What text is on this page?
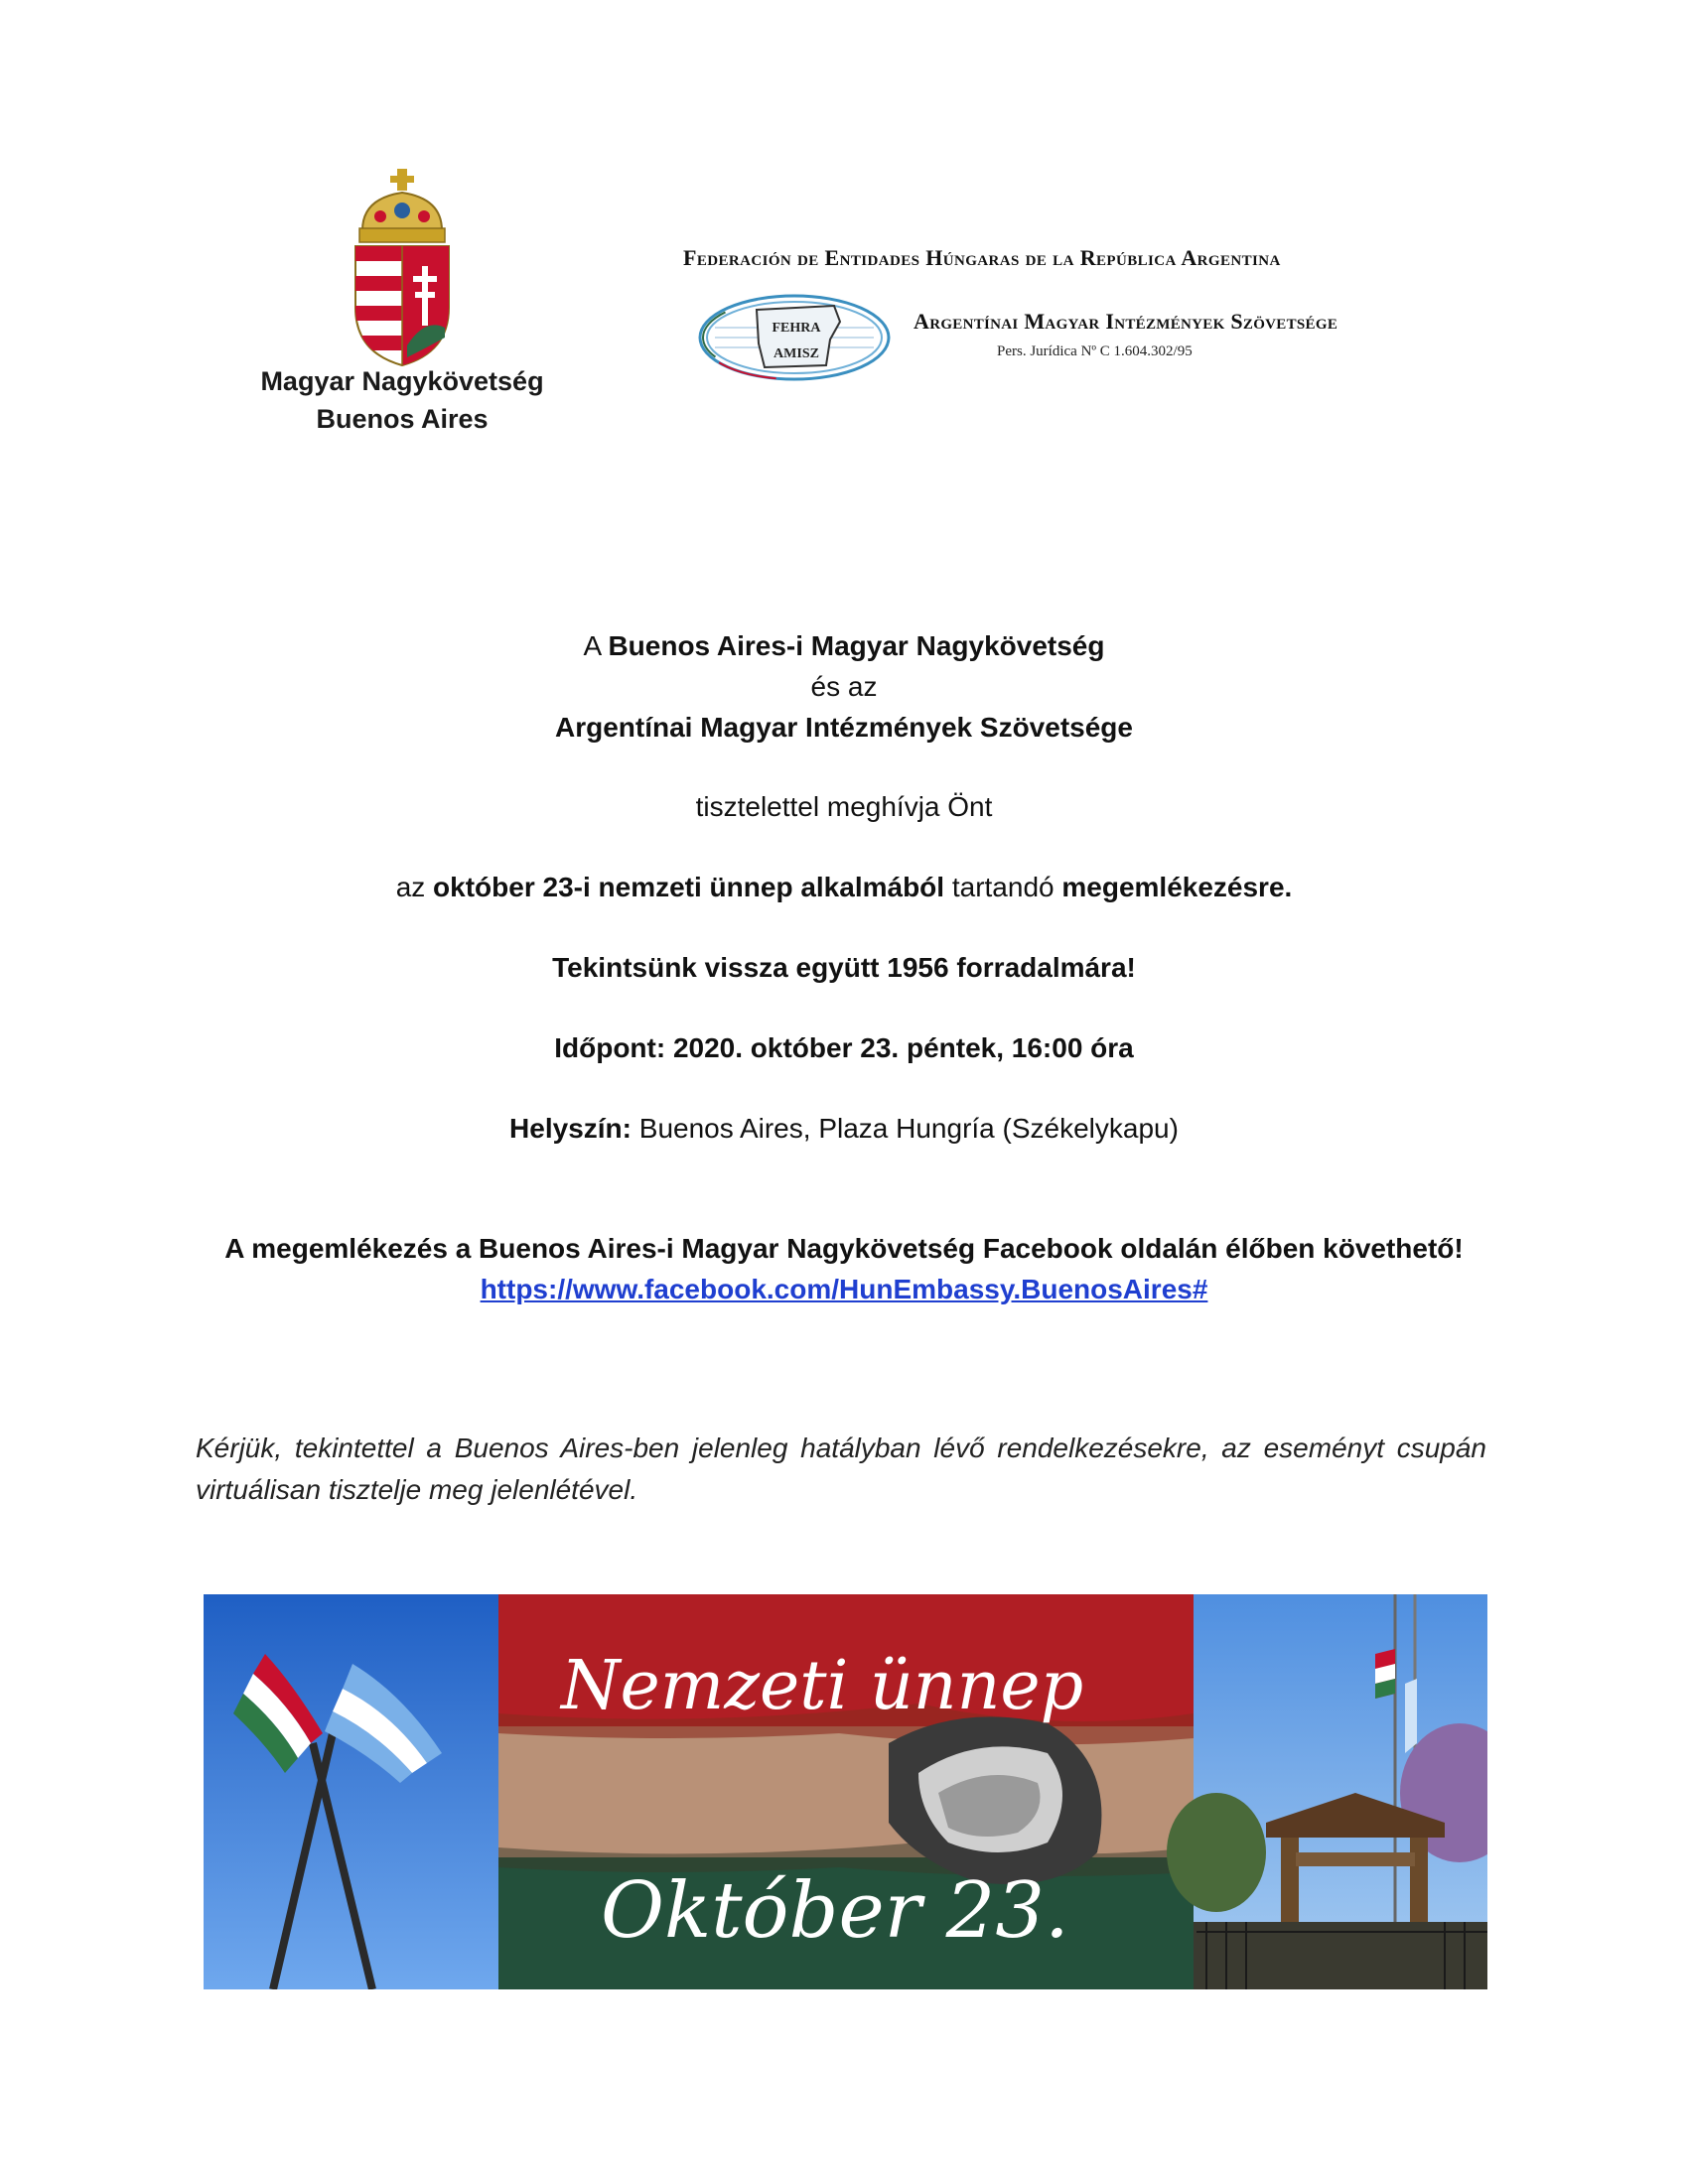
Magyar Nagykövetség
Buenos Aires
Federación de Entidades Húngaras de la República Argentina
FEHRA
AMISZ
Argentínai Magyar Intézmények Szövetsége
Pers. Jurídica Nº C 1.604.302/95
A Buenos Aires-i Magyar Nagykövetség
és az
Argentínai Magyar Intézmények Szövetsége
tisztelettel meghívja Önt
az október 23-i nemzeti ünnep alkalmából tartandó megemlékezésre.
Tekintsünk vissza együtt 1956 forradalmára!
Időpont: 2020. október 23. péntek, 16:00 óra
Helyszín: Buenos Aires, Plaza Hungría (Székelykapu)
A megemlékezés a Buenos Aires-i Magyar Nagykövetség Facebook oldalán élőben követhető!
https://www.facebook.com/HunEmbassy.BuenosAires#
Kérjük, tekintettel a Buenos Aires-ben jelenleg hatályban lévő rendelkezésekre, az eseményt csupán virtuálisan tisztelje meg jelenlétével.
Nemzeti ünnep
Október 23.
